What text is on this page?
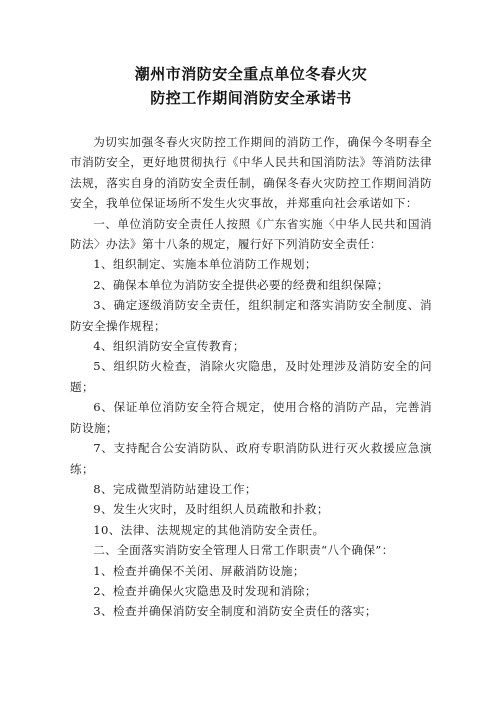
潮州市消防安全重点单位冬春火灾
防控工作期间消防安全承诺书

为切实加强冬春火灾防控工作期间的消防工作，确保今冬明春全市消防安全，更好地贯彻执行《中华人民共和国消防法》等消防法律法规，落实自身的消防安全责任制，确保冬春火灾防控工作期间消防安全，我单位保证场所不发生火灾事故，并郑重向社会承诺如下：

一、单位消防安全责任人按照《广东省实施〈中华人民共和国消防法〉办法》第十八条的规定，履行好下列消防安全责任：

1、组织制定、实施本单位消防工作规划；

2、确保本单位为消防安全提供必要的经费和组织保障；

3、确定逐级消防安全责任，组织制定和落实消防安全制度、消防安全操作规程；

4、组织消防安全宣传教育；

5、组织防火检查，消除火灾隐患，及时处理涉及消防安全的问题；

6、保证单位消防安全符合规定，使用合格的消防产品，完善消防设施；

7、支持配合公安消防队、政府专职消防队进行灭火救援应急演练；

8、完成微型消防站建设工作；

9、发生火灾时，及时组织人员疏散和扑救；

10、法律、法规规定的其他消防安全责任。

二、全面落实消防安全管理人日常工作职责“八个确保”：

1、检查并确保不关闭、屏蔽消防设施；

2、检查并确保火灾隐患及时发现和消除；

3、检查并确保消防安全制度和消防安全责任的落实；
